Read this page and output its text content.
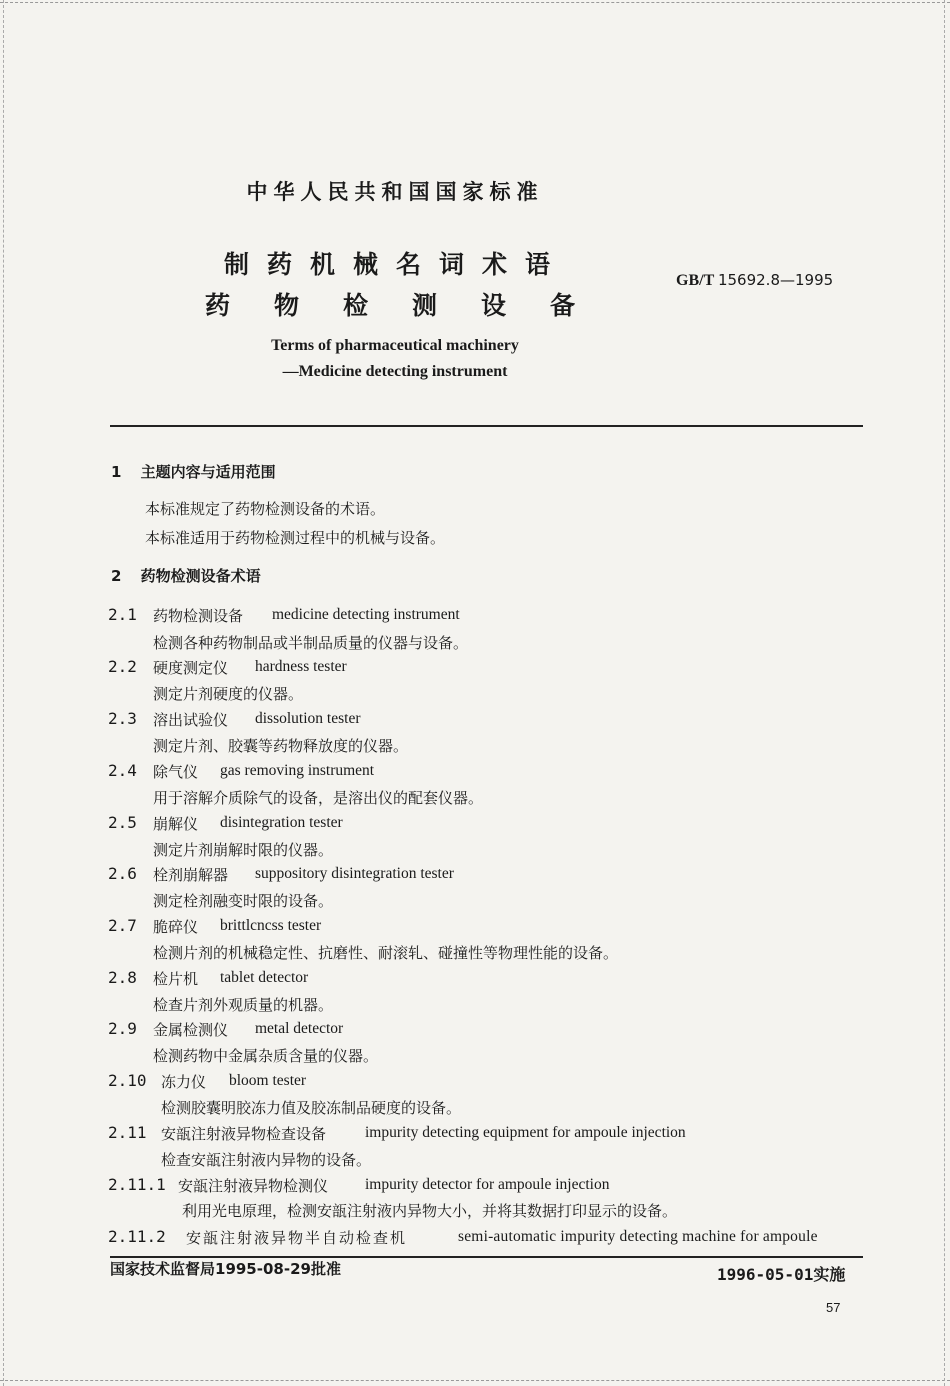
中华人民共和国国家标准
制药机械名词术语
药物检测设备
GB/T 15692.8—1995
Terms of pharmaceutical machinery
—Medicine detecting instrument
1 主题内容与适用范围
本标准规定了药物检测设备的术语。
本标准适用于药物检测过程中的机械与设备。
2 药物检测设备术语
2.1 药物检测设备 medicine detecting instrument
检测各种药物制品或半制品质量的仪器与设备。
2.2 硬度测定仪 hardness tester
测定片剂硬度的仪器。
2.3 溶出试验仪 dissolution tester
测定片剂、胶囊等药物释放度的仪器。
2.4 除气仪 gas removing instrument
用于溶解介质除气的设备，是溶出仪的配套仪器。
2.5 崩解仪 disintegration tester
测定片剂崩解时限的仪器。
2.6 栓剂崩解器 suppository disintegration tester
测定栓剂融变时限的设备。
2.7 脆碎仪 brittlcncss tester
检测片剂的机械稳定性、抗磨性、耐滚轧、碰撞性等物理性能的设备。
2.8 检片机 tablet detector
检查片剂外观质量的机器。
2.9 金属检测仪 metal detector
检测药物中金属杂质含量的仪器。
2.10 冻力仪 bloom tester
检测胶囊明胶冻力值及胶冻制品硬度的设备。
2.11 安瓿注射液异物检查设备	impurity detecting equipment for ampoule injection
检查安瓿注射液内异物的设备。
2.11.1 安瓿注射液异物检测仪 impurity detector for ampoule injection
利用光电原理，检测安瓿注射液内异物大小，并将其数据打印显示的设备。
2.11.2 安瓿注射液异物半自动检查机	semi-automatic impurity detecting machine for ampoule
国家技术监督局1995-08-29批准	1996-05-01实施
57
